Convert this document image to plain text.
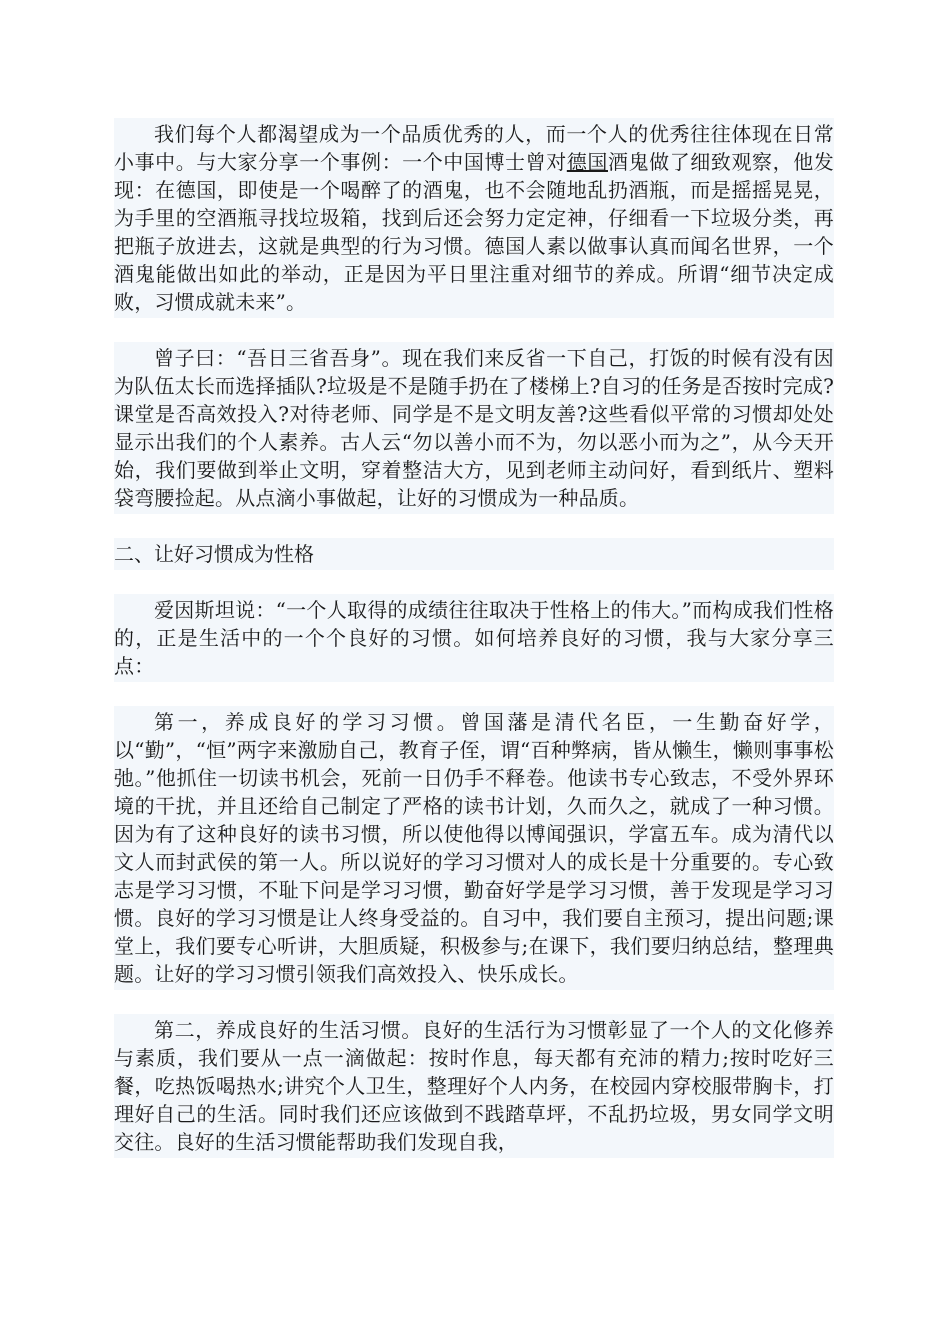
我们每个人都渴望成为一个品质优秀的人，而一个人的优秀往往体现在日常小事中。与大家分享一个事例：一个中国博士曾对德国酒鬼做了细致观察，他发现：在德国，即使是一个喝醉了的酒鬼，也不会随地乱扔酒瓶，而是摇摇晃晃，为手里的空酒瓶寻找垃圾箱，找到后还会努力定定神，仔细看一下垃圾分类，再把瓶子放进去，这就是典型的行为习惯。德国人素以做事认真而闻名世界，一个酒鬼能做出如此的举动，正是因为平日里注重对细节的养成。所谓“细节决定成败，习惯成就未来”。

曾子曰：“吾日三省吾身”。现在我们来反省一下自己，打饭的时候有没有因为队伍太长而选择插队?垃圾是不是随手扔在了楼梯上?自习的任务是否按时完成?课堂是否高效投入?对待老师、同学是不是文明友善?这些看似平常的习惯却处处显示出我们的个人素养。古人云“勿以善小而不为，勿以恶小而为之”，从今天开始，我们要做到举止文明，穿着整洁大方，见到老师主动问好，看到纸片、塑料袋弯腰捡起。从点滴小事做起，让好的习惯成为一种品质。

二、让好习惯成为性格

爱因斯坦说：“一个人取得的成绩往往取决于性格上的伟大。”而构成我们性格的，正是生活中的一个个良好的习惯。如何培养良好的习惯，我与大家分享三点：

第一，养成良好的学习习惯。曾国藩是清代名臣，一生勤奋好学，以“勤”，“恒”两字来激励自己，教育子侄，谓“百种弊病，皆从懒生，懒则事事松弛。”他抓住一切读书机会，死前一日仍手不释卷。他读书专心致志，不受外界环境的干扰，并且还给自己制定了严格的读书计划，久而久之，就成了一种习惯。因为有了这种良好的读书习惯，所以使他得以博闻强识，学富五车。成为清代以文人而封武侯的第一人。所以说好的学习习惯对人的成长是十分重要的。专心致志是学习习惯，不耻下问是学习习惯，勤奋好学是学习习惯，善于发现是学习习惯。良好的学习习惯是让人终身受益的。自习中，我们要自主预习，提出问题;课堂上，我们要专心听讲，大胆质疑，积极参与;在课下，我们要归纳总结，整理典题。让好的学习习惯引领我们高效投入、快乐成长。

第二，养成良好的生活习惯。良好的生活行为习惯彰显了一个人的文化修养与素质，我们要从一点一滴做起：按时作息，每天都有充沛的精力;按时吃好三餐，吃热饭喝热水;讲究个人卫生，整理好个人内务，在校园内穿校服带胸卡，打理好自己的生活。同时我们还应该做到不践踏草坪，不乱扔垃圾，男女同学文明交往。良好的生活习惯能帮助我们发现自我，
